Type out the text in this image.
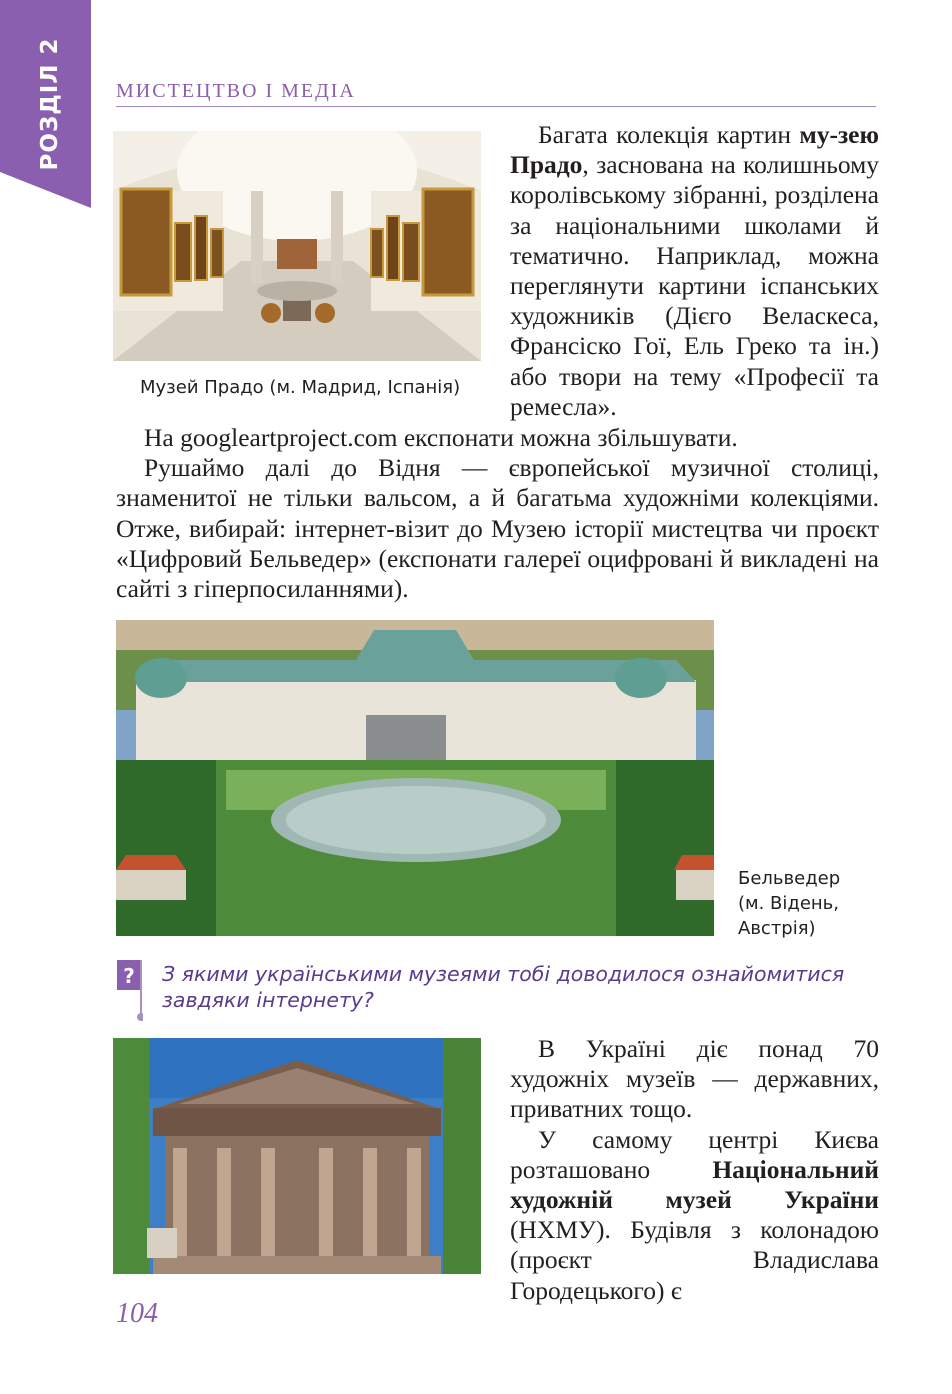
РОЗДІЛ 2	МИСТЕЦТВО І МЕДІА
Музей Прадо (м. Мадрид, Іспанія)

Багата колекція картин му-зею Прадо, заснована на колишньому королівському зібранні, розділена за національними школами й тематично. Наприклад, можна переглянути картини іспанських художників (Дієго Веласкеса, Франсіско Гої, Ель Греко та ін.) або твори на тему «Професії та ремесла».

На googleartproject.com експонати можна збільшувати.

Рушаймо далі до Відня — європейської музичної столиці, знаменитої не тільки вальсом, а й багатьма художніми колекціями. Отже, вибирай: інтернет-візит до Музею історії мистецтва чи проєкт «Цифровий Бельведер» (експонати галереї оцифровані й викладені на сайті з гіперпосиланнями).

Бельведер
(м. Відень,
Австрія)
? З якими українськими музеями тобі доводилося ознайомитися завдяки інтернету?

В Україні діє понад 70 художніх музеїв — державних, приватних тощо.

У самому центрі Києва розташовано Національний художній музей України (НХМУ). Будівля з колонадою (проєкт Владислава Городецького) є

104
